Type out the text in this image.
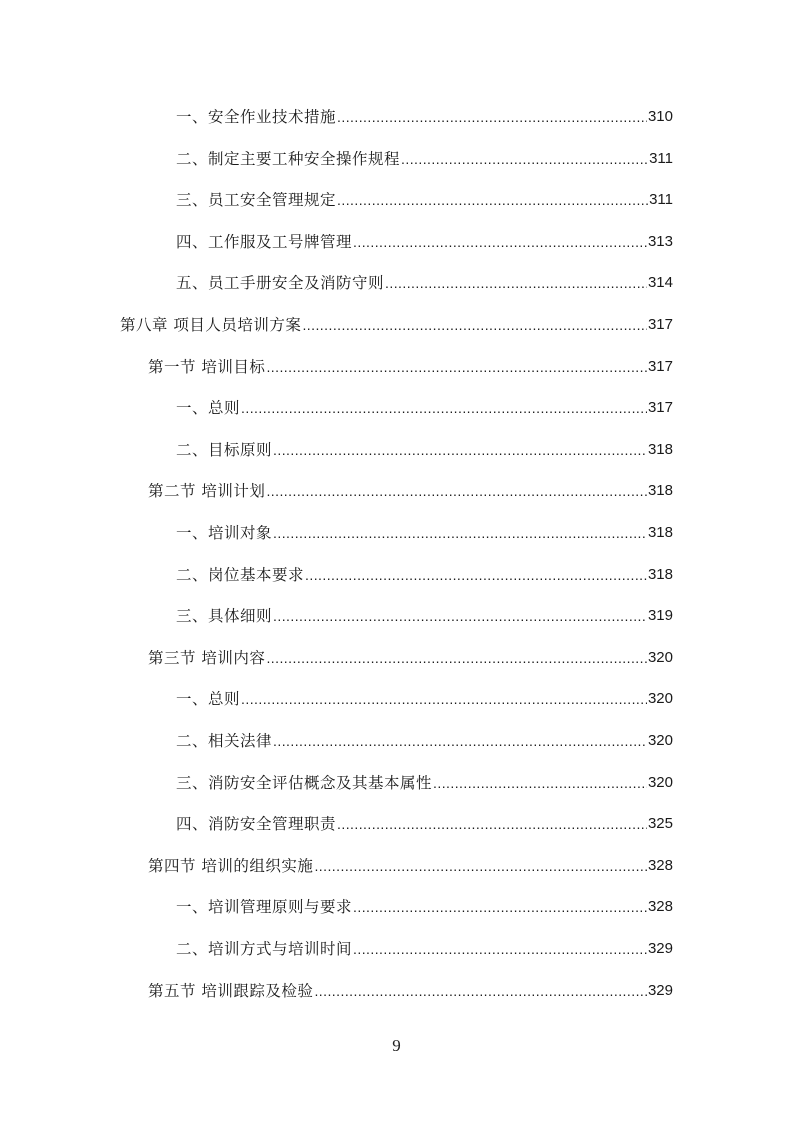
一、安全作业技术措施 .....	310
二、制定主要工种安全操作规程 .....	311
三、员工安全管理规定 .....	311
四、工作服及工号牌管理 .....	313
五、员工手册安全及消防守则 .....	314
第八章 项目人员培训方案 .....	317
第一节 培训目标 .....	317
一、总则 .....	317
二、目标原则 .....	318
第二节 培训计划 .....	318
一、培训对象 .....	318
二、岗位基本要求 .....	318
三、具体细则 .....	319
第三节 培训内容 .....	320
一、总则 .....	320
二、相关法律 .....	320
三、消防安全评估概念及其基本属性 .....	320
四、消防安全管理职责 .....	325
第四节 培训的组织实施 .....	328
一、培训管理原则与要求 .....	328
二、培训方式与培训时间 .....	329
第五节 培训跟踪及检验 .....	329
9
